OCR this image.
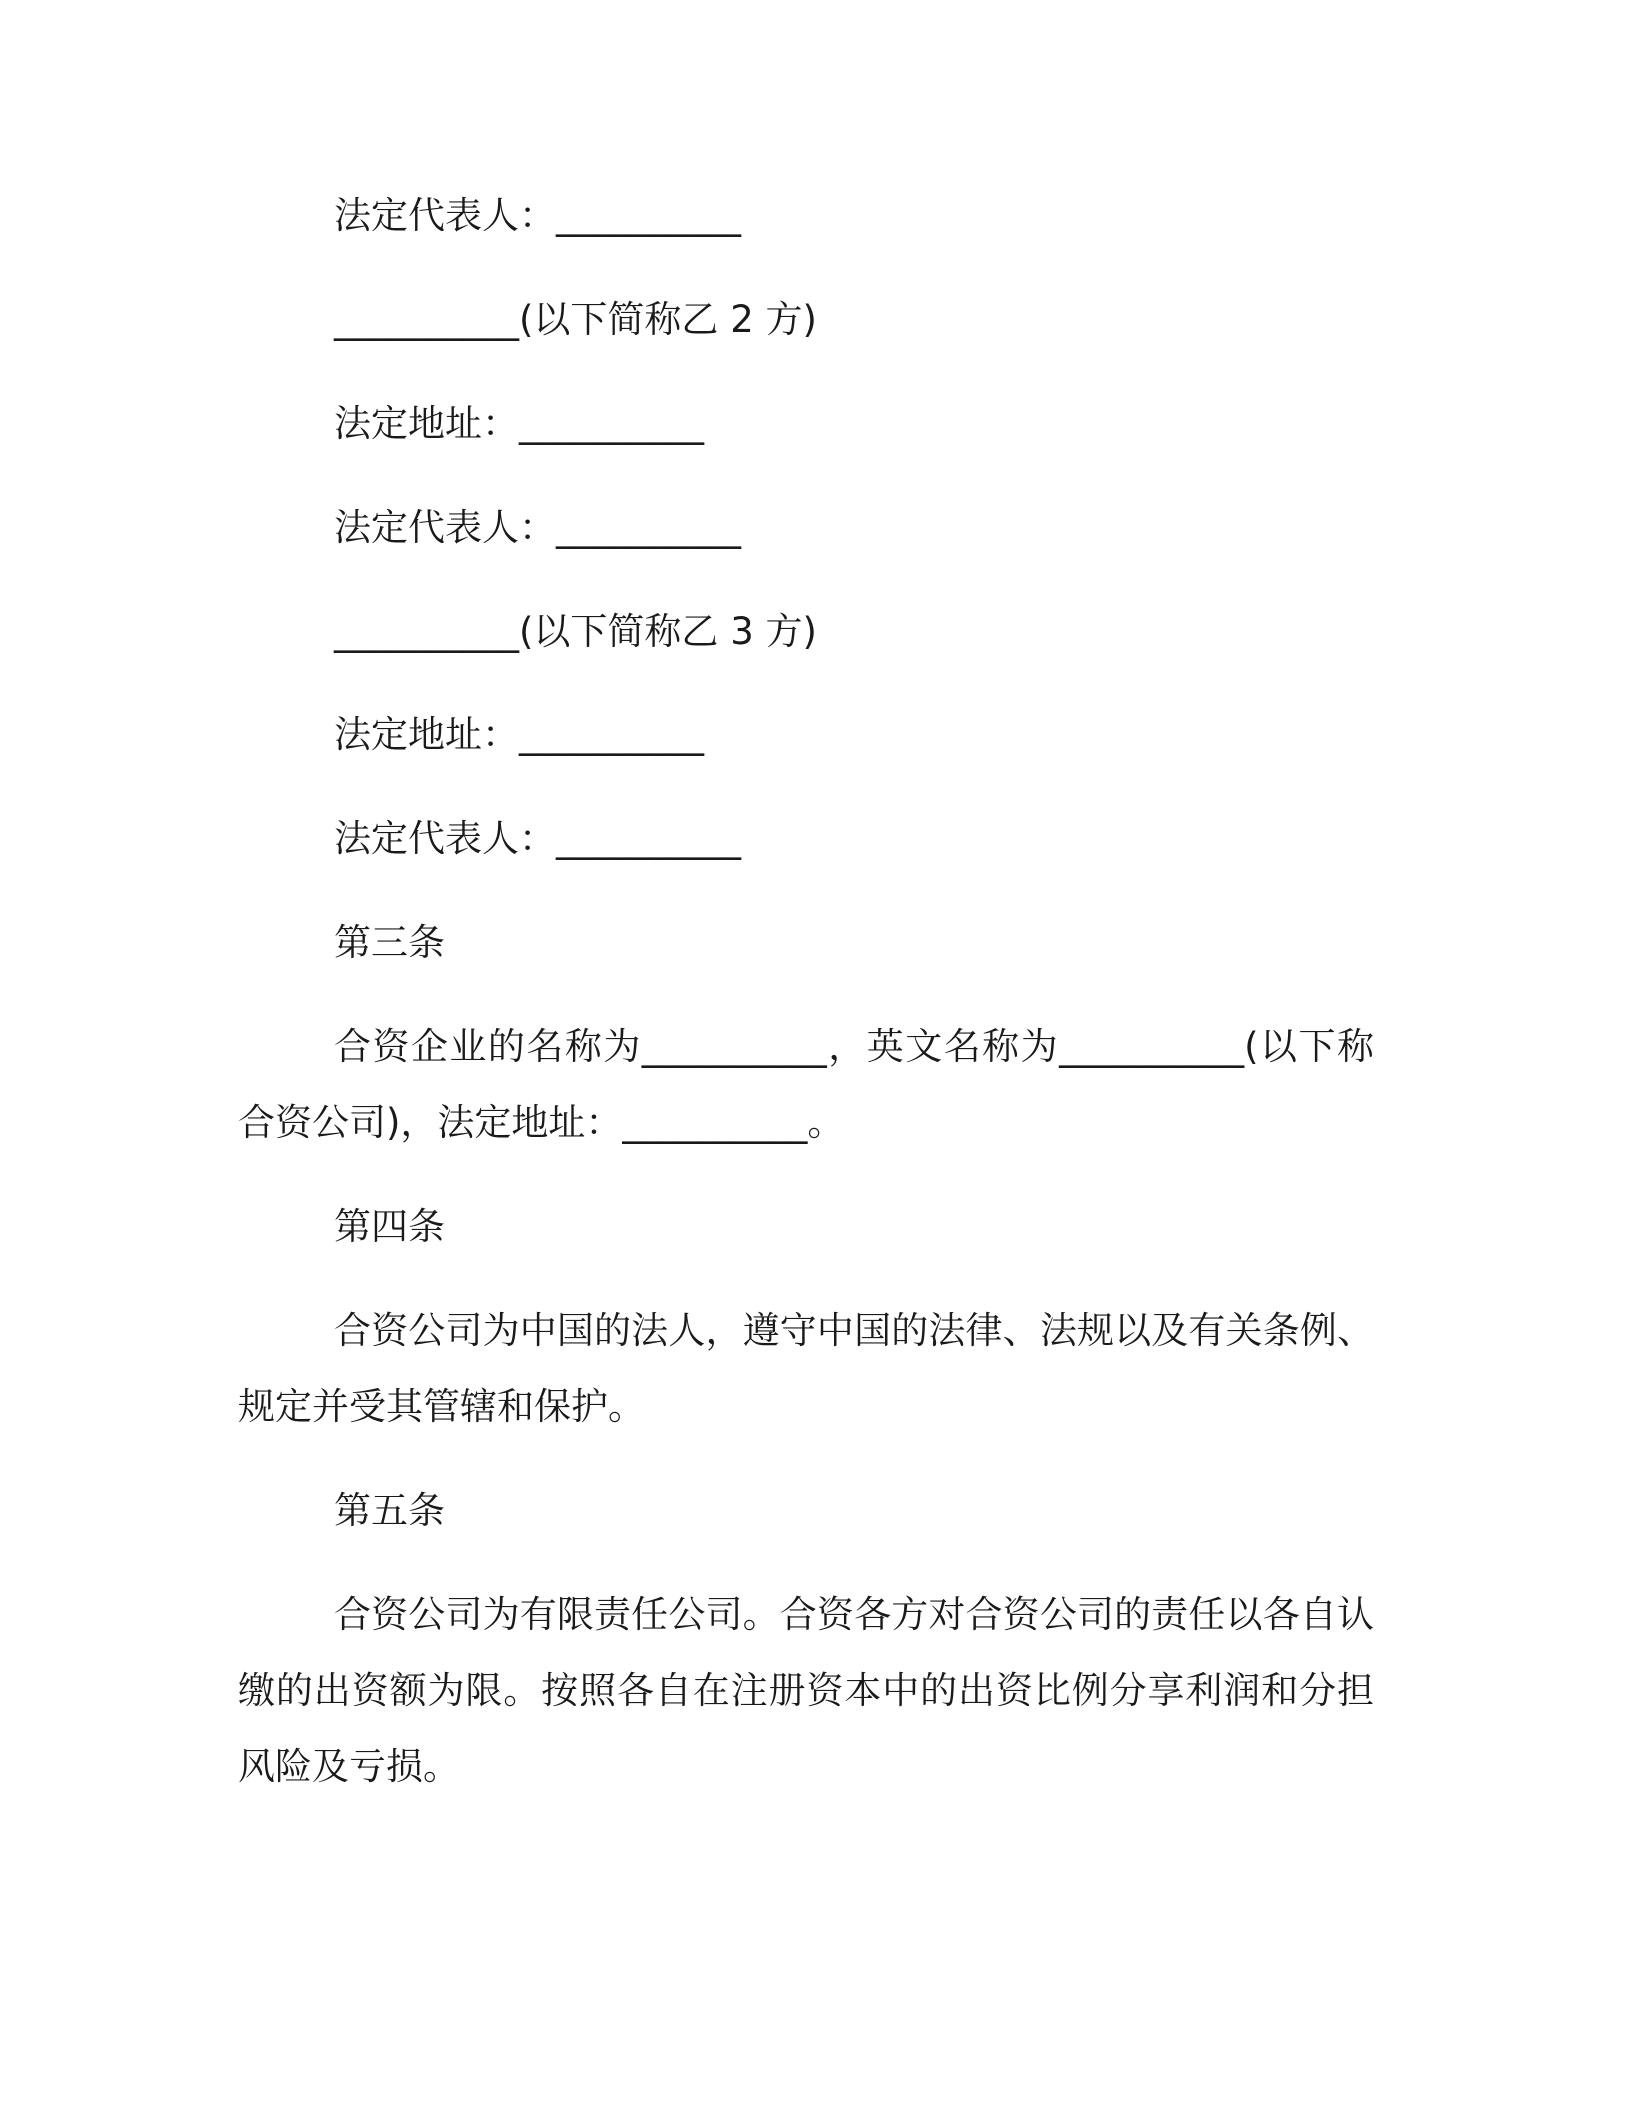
法定代表人：__________
__________(以下简称乙 2 方)
法定地址：__________
法定代表人：__________
__________(以下简称乙 3 方)
法定地址：__________
法定代表人：__________
第三条
合资企业的名称为__________，英文名称为__________(以下称合资公司)，法定地址：__________。
第四条
合资公司为中国的法人，遵守中国的法律、法规以及有关条例、规定并受其管辖和保护。
第五条
合资公司为有限责任公司。合资各方对合资公司的责任以各自认缴的出资额为限。按照各自在注册资本中的出资比例分享利润和分担风险及亏损。
